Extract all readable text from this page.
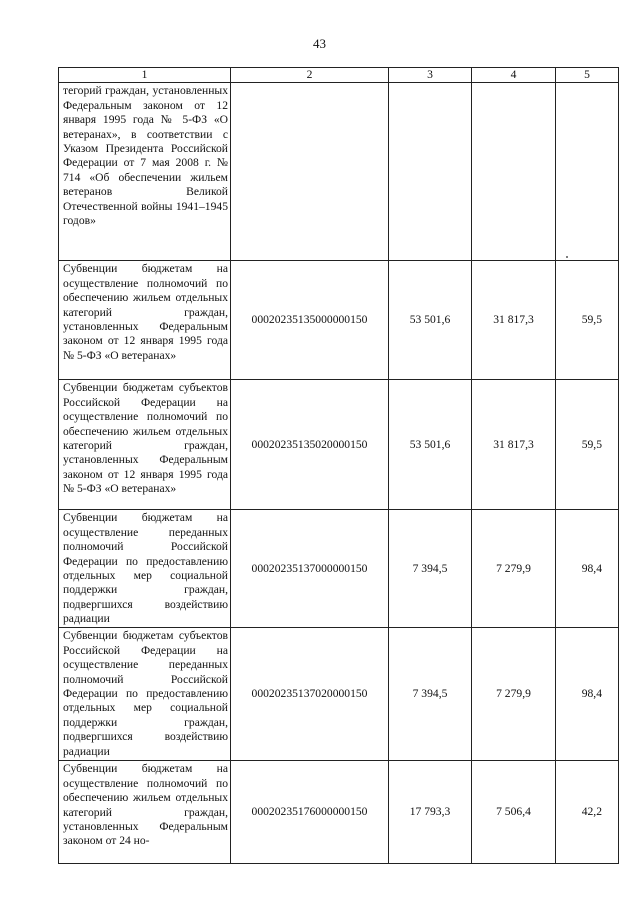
43
1	2	3	4	5
тегорий граждан, установленных Федеральным законом от 12 января 1995 года № 5-ФЗ «О ветеранах», в соответствии с Указом Президента Российской Федерации от 7 мая 2008 г. № 714 «Об обеспечении жильем ветеранов Великой Отечественной войны 1941–1945 годов»				
Субвенции бюджетам на осуществление полномочий по обеспечению жильем отдельных категорий граждан, установленных Федеральным законом от 12 января 1995 года № 5-ФЗ «О ветеранах»	00020235135000000150	53 501,6	31 817,3	59,5
Субвенции бюджетам субъектов Российской Федерации на осуществление полномочий по обеспечению жильем отдельных категорий граждан, установленных Федеральным законом от 12 января 1995 года № 5-ФЗ «О ветеранах»	00020235135020000150	53 501,6	31 817,3	59,5
Субвенции бюджетам на осуществление переданных полномочий Российской Федерации по предоставлению отдельных мер социальной поддержки граждан, подвергшихся воздействию радиации	00020235137000000150	7 394,5	7 279,9	98,4
Субвенции бюджетам субъектов Российской Федерации на осуществление переданных полномочий Российской Федерации по предоставлению отдельных мер социальной поддержки граждан, подвергшихся воздействию радиации	00020235137020000150	7 394,5	7 279,9	98,4
Субвенции бюджетам на осуществление полномочий по обеспечению жильем отдельных категорий граждан, установленных Федеральным законом от 24 но-	00020235176000000150	17 793,3	7 506,4	42,2
